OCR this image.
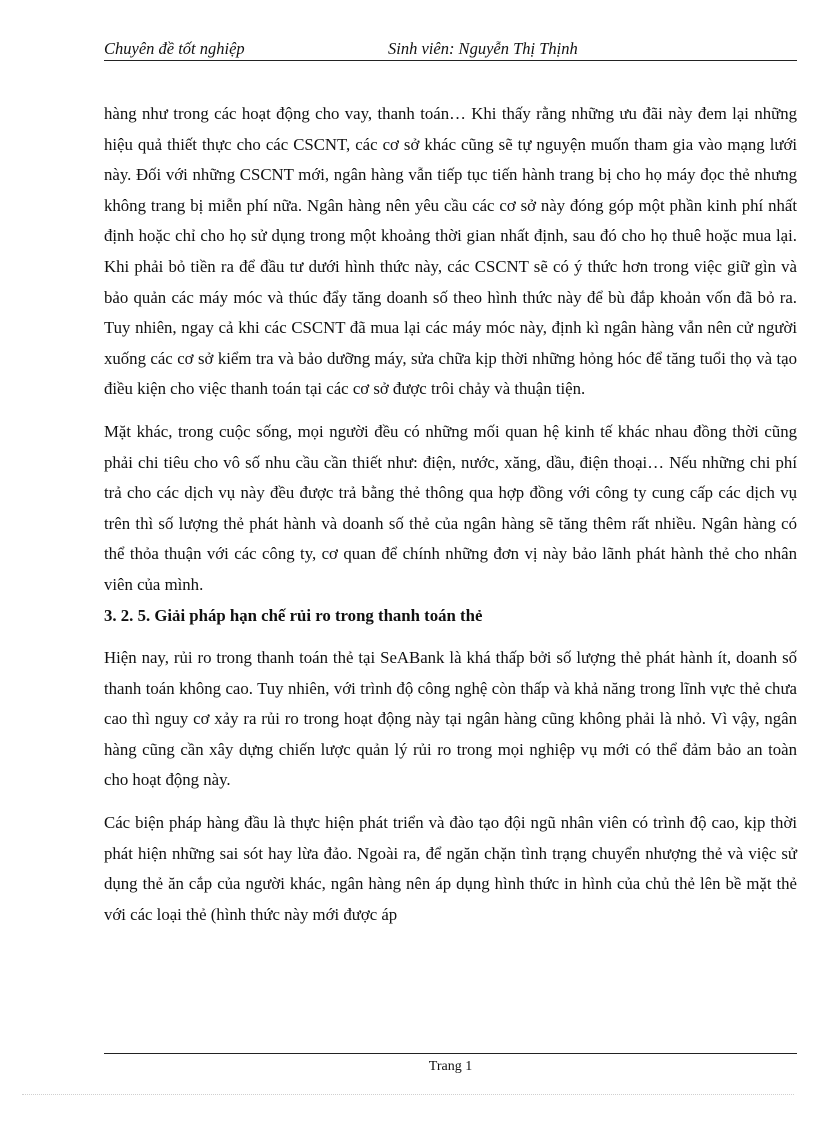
Chuyên đề tốt nghiệp	Sinh viên: Nguyễn Thị Thịnh

hàng như trong các hoạt động cho vay, thanh toán… Khi thấy rằng những ưu đãi này đem lại những hiệu quả thiết thực cho các CSCNT, các cơ sở khác cũng sẽ tự nguyện muốn tham gia vào mạng lưới này. Đối với những CSCNT mới, ngân hàng vẫn tiếp tục tiến hành trang bị cho họ máy đọc thẻ nhưng không trang bị miễn phí nữa. Ngân hàng nên yêu cầu các cơ sở này đóng góp một phần kinh phí nhất định hoặc chỉ cho họ sử dụng trong một khoảng thời gian nhất định, sau đó cho họ thuê hoặc mua lại. Khi phải bỏ tiền ra để đầu tư dưới hình thức này, các CSCNT sẽ có ý thức hơn trong việc giữ gìn và bảo quản các máy móc và thúc đẩy tăng doanh số theo hình thức này để bù đắp khoản vốn đã bỏ ra. Tuy nhiên, ngay cả khi các CSCNT đã mua lại các máy móc này, định kì ngân hàng vẫn nên cử người xuống các cơ sở kiểm tra và bảo dưỡng máy, sửa chữa kịp thời những hỏng hóc để tăng tuổi thọ và tạo điều kiện cho việc thanh toán tại các cơ sở được trôi chảy và thuận tiện.

Mặt khác, trong cuộc sống, mọi người đều có những mối quan hệ kinh tế khác nhau đồng thời cũng phải chi tiêu cho vô số nhu cầu cần thiết như: điện, nước, xăng, dầu, điện thoại… Nếu những chi phí trả cho các dịch vụ này đều được trả bằng thẻ thông qua hợp đồng với công ty cung cấp các dịch vụ trên thì số lượng thẻ phát hành và doanh số thẻ của ngân hàng sẽ tăng thêm rất nhiều. Ngân hàng có thể thỏa thuận với các công ty, cơ quan để chính những đơn vị này bảo lãnh phát hành thẻ cho nhân viên của mình.

3. 2. 5. Giải pháp hạn chế rủi ro trong thanh toán thẻ

Hiện nay, rủi ro trong thanh toán thẻ tại SeABank là khá thấp bởi số lượng thẻ phát hành ít, doanh số thanh toán không cao. Tuy nhiên, với trình độ công nghệ còn thấp và khả năng trong lĩnh vực thẻ chưa cao thì nguy cơ xảy ra rủi ro trong hoạt động này tại ngân hàng cũng không phải là nhỏ. Vì vậy, ngân hàng cũng cần xây dựng chiến lược quản lý rủi ro trong mọi nghiệp vụ mới có thể đảm bảo an toàn cho hoạt động này.

Các biện pháp hàng đầu là thực hiện phát triển và đào tạo đội ngũ nhân viên có trình độ cao, kịp thời phát hiện những sai sót hay lừa đảo. Ngoài ra, để ngăn chặn tình trạng chuyển nhượng thẻ và việc sử dụng thẻ ăn cắp của người khác, ngân hàng nên áp dụng hình thức in hình của chủ thẻ lên bề mặt thẻ với các loại thẻ (hình thức này mới được áp

Trang 1
